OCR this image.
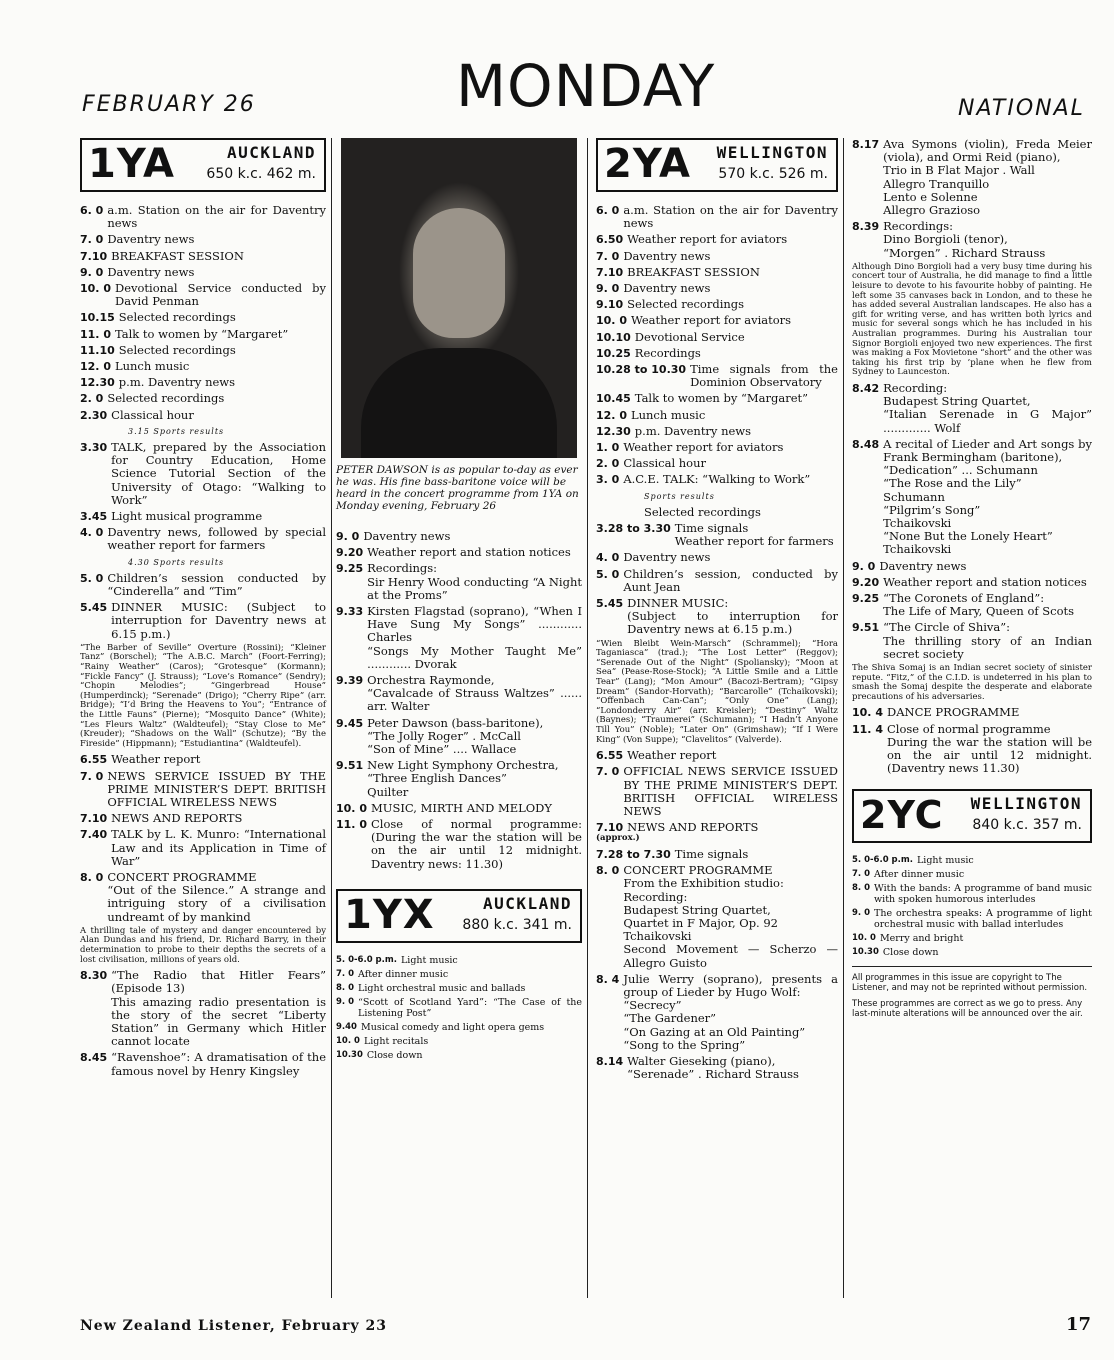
FEBRUARY 26	MONDAY	NATIONAL
1YA	AUCKLAND
650 k.c. 462 m.
6. 0 a.m. Station on the air for Daventry news
7. 0 Daventry news
7.10 BREAKFAST SESSION
9. 0 Daventry news
10. 0 Devotional Service conducted by David Penman
10.15 Selected recordings
11. 0 Talk to women by “Margaret”
11.10 Selected recordings
12. 0 Lunch music
12.30 p.m. Daventry news
2. 0 Selected recordings
2.30 Classical hour
3.15 Sports results
3.30 TALK, prepared by the Association for Country Education, Home Science Tutorial Section of the University of Otago: “Walking to Work”
3.45 Light musical programme
4. 0 Daventry news, followed by special weather report for farmers
4.30 Sports results
5. 0 Children’s session conducted by “Cinderella” and “Tim”
5.45 DINNER MUSIC: (Subject to interruption for Daventry news at 6.15 p.m.)
“The Barber of Seville” Overture (Rossini); “Kleiner Tanz” (Borschel); “The A.B.C. March” (Foort-Ferring); “Rainy Weather” (Caros); “Grotesque” (Kormann); “Fickle Fancy” (J. Strauss); “Love’s Romance” (Sendry); “Chopin Melodies”; “Gingerbread House” (Humperdinck); “Serenade” (Drigo); “Cherry Ripe” (arr. Bridge); “I’d Bring the Heavens to You”; “Entrance of the Little Fauns” (Pierne); “Mosquito Dance” (White); “Les Fleurs Waltz” (Waldteufel); “Stay Close to Me” (Kreuder); “Shadows on the Wall” (Schutze); “By the Fireside” (Hippmann); “Estudiantina” (Waldteufel).
6.55 Weather report
7. 0 NEWS SERVICE ISSUED BY THE PRIME MINISTER’S DEPT. BRITISH OFFICIAL WIRELESS NEWS
7.10 NEWS AND REPORTS
7.40 TALK by L. K. Munro: “International Law and its Application in Time of War”
8. 0 CONCERT PROGRAMME
“Out of the Silence.” A strange and intriguing story of a civilisation undreamt of by mankind
A thrilling tale of mystery and danger encountered by Alan Dundas and his friend, Dr. Richard Barry, in their determination to probe to their depths the secrets of a lost civilisation, millions of years old.
8.30 “The Radio that Hitler Fears” (Episode 13)
This amazing radio presentation is the story of the secret “Liberty Station” in Germany which Hitler cannot locate
8.45 “Ravenshoe”: A dramatisation of the famous novel by Henry Kingsley
PETER DAWSON is as popular to-day as ever he was. His fine bass-baritone voice will be heard in the concert programme from 1YA on Monday evening, February 26
9. 0 Daventry news
9.20 Weather report and station notices
9.25 Recordings:
Sir Henry Wood conducting “A Night at the Proms”
9.33 Kirsten Flagstad (soprano), “When I Have Sung My Songs” ............ Charles
“Songs My Mother Taught Me” ............ Dvorak
9.39 Orchestra Raymonde,
“Cavalcade of Strauss Waltzes” ...... arr. Walter
9.45 Peter Dawson (bass-baritone),
“The Jolly Roger” . McCall
“Son of Mine” .... Wallace
9.51 New Light Symphony Orchestra,
“Three English Dances”
Quilter
10. 0 MUSIC, MIRTH AND MELODY
11. 0 Close of normal programme: (During the war the station will be on the air until 12 midnight. Daventry news: 11.30)
1YX	AUCKLAND
880 k.c. 341 m.
5. 0-6.0 p.m. Light music
7. 0 After dinner music
8. 0 Light orchestral music and ballads
9. 0 “Scott of Scotland Yard”: “The Case of the Listening Post”
9.40 Musical comedy and light opera gems
10. 0 Light recitals
10.30 Close down
2YA WELLINGTON
570 k.c. 526 m.
6. 0 a.m. Station on the air for Daventry news
6.50 Weather report for aviators
7. 0 Daventry news
7.10 BREAKFAST SESSION
9. 0 Daventry news
9.10 Selected recordings
10. 0 Weather report for aviators
10.10 Devotional Service
10.25 Recordings
10.28 to 10.30 Time signals from the Dominion Observatory
10.45 Talk to women by “Margaret”
12. 0 Lunch music
12.30 p.m. Daventry news
1. 0 Weather report for aviators
2. 0 Classical hour
3. 0 A.C.E. TALK: “Walking to Work”
Sports results
Selected recordings
3.28 to 3.30 Time signals
Weather report for farmers
4. 0 Daventry news
5. 0 Children’s session, conducted by Aunt Jean
5.45 DINNER MUSIC:
(Subject to interruption for Daventry news at 6.15 p.m.)
“Wien Bleibt Wein-Marsch” (Schrammel); “Hora Taganiasca” (trad.); “The Lost Letter” (Reggov); “Serenade Out of the Night” (Spoliansky); “Moon at Sea” (Pease-Rose-Stock); “A Little Smile and a Little Tear” (Lang); “Mon Amour” (Bacozi-Bertram); “Gipsy Dream” (Sandor-Horvath); “Barcarolle” (Tchaikovski); “Offenbach Can-Can”; “Only One” (Lang); “Londonderry Air” (arr. Kreisler); “Destiny” Waltz (Baynes); “Traumerei” (Schumann); “I Hadn’t Anyone Till You” (Noble); “Later On” (Grimshaw); “If I Were King” (Von Suppe); “Clavelitos” (Valverde).
6.55 Weather report
7. 0 OFFICIAL NEWS SERVICE ISSUED BY THE PRIME MINISTER’S DEPT. BRITISH OFFICIAL WIRELESS NEWS
7.10 NEWS AND REPORTS
(approx.)
7.28 to 7.30 Time signals
8. 0 CONCERT PROGRAMME
From the Exhibition studio:
Recording:
Budapest String Quartet,
Quartet in F Major, Op. 92
Tchaikovski
Second Movement — Scherzo — Allegro Guisto
8. 4 Julie Werry (soprano), presents a group of Lieder by Hugo Wolf:
“Secrecy”
“The Gardener”
“On Gazing at an Old Painting”
“Song to the Spring”
8.14 Walter Gieseking (piano),
“Serenade” . Richard Strauss
8.17 Ava Symons (violin), Freda Meier (viola), and Ormi Reid (piano),
Trio in B Flat Major . Wall
Allegro Tranquillo
Lento e Solenne
Allegro Grazioso
8.39 Recordings:
Dino Borgioli (tenor),
“Morgen” . Richard Strauss
Although Dino Borgioli had a very busy time during his concert tour of Australia, he did manage to find a little leisure to devote to his favourite hobby of painting. He left some 35 canvases back in London, and to these he has added several Australian landscapes. He also has a gift for writing verse, and has written both lyrics and music for several songs which he has included in his Australian programmes. During his Australian tour Signor Borgioli enjoyed two new experiences. The first was making a Fox Movietone “short” and the other was taking his first trip by ’plane when he flew from Sydney to Launceston.
8.42 Recording:
Budapest String Quartet,
“Italian Serenade in G Major” ............. Wolf
8.48 A recital of Lieder and Art songs by Frank Bermingham (baritone),
“Dedication” ... Schumann
“The Rose and the Lily”
Schumann
“Pilgrim’s Song”
Tchaikovski
“None But the Lonely Heart”
Tchaikovski
9. 0 Daventry news
9.20 Weather report and station notices
9.25 “The Coronets of England”:
The Life of Mary, Queen of Scots
9.51 “The Circle of Shiva”:
The thrilling story of an Indian secret society
The Shiva Somaj is an Indian secret society of sinister repute. “Fitz,” of the C.I.D. is undeterred in his plan to smash the Somaj despite the desperate and elaborate precautions of his adversaries.
10. 4 DANCE PROGRAMME
11. 4 Close of normal programme
During the war the station will be on the air until 12 midnight. (Daventry news 11.30)
2YC WELLINGTON
840 k.c. 357 m.
5. 0-6.0 p.m. Light music
7. 0 After dinner music
8. 0 With the bands: A programme of band music with spoken humorous interludes
9. 0 The orchestra speaks: A programme of light orchestral music with ballad interludes
10. 0 Merry and bright
10.30 Close down
All programmes in this issue are copyright to The Listener, and may not be reprinted without permission.
These programmes are correct as we go to press. Any last-minute alterations will be announced over the air.
New Zealand Listener, February 23	17
